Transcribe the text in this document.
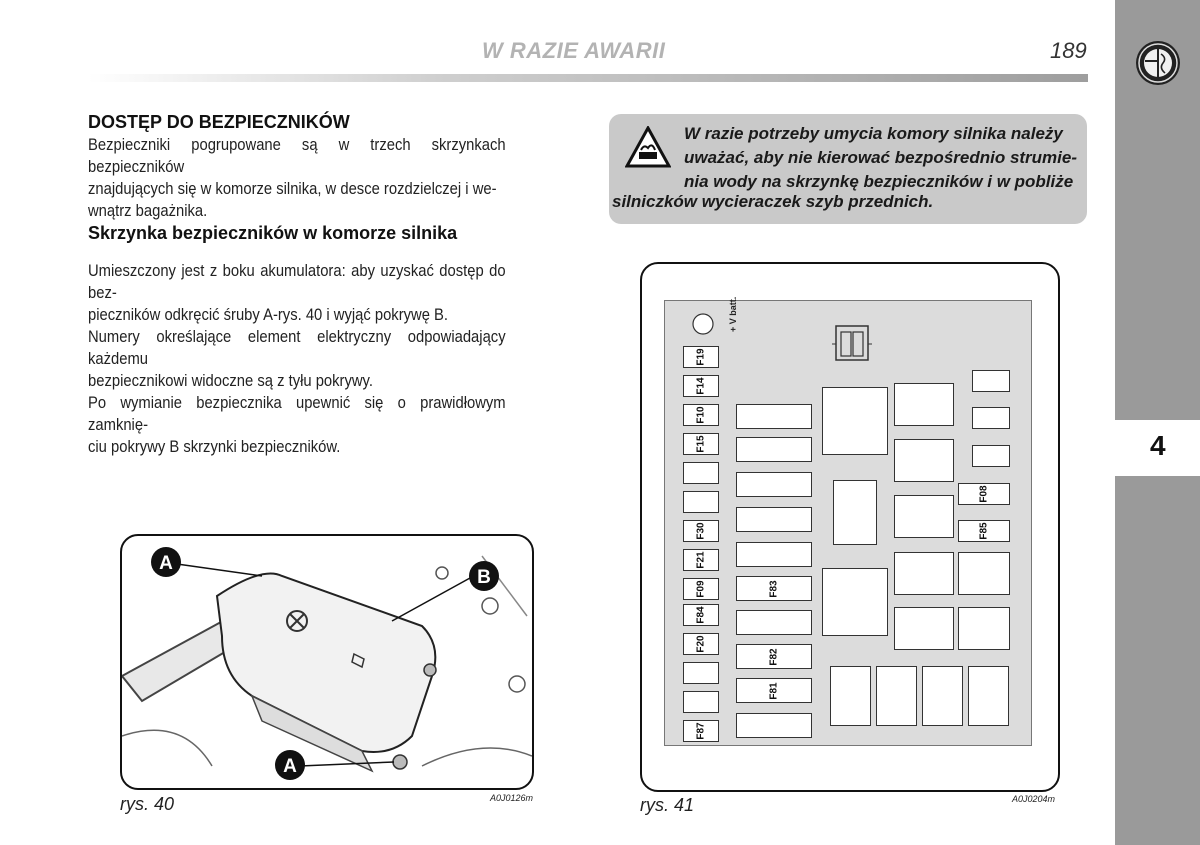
W RAZIE AWARII	189
4
DOSTĘP DO BEZPIECZNIKÓW
Bezpieczniki pogrupowane są w trzech skrzynkach bezpieczników
znajdujących się w komorze silnika, w desce rozdzielczej i we-
wnątrz bagażnika.
Skrzynka bezpieczników w komorze silnika
Umieszczony jest z boku akumulatora: aby uzyskać dostęp do bez-
pieczników odkręcić śruby A-rys. 40 i wyjąć pokrywę B.
Numery określające element elektryczny odpowiadający każdemu
bezpiecznikowi widoczne są z tyłu pokrywy.
Po wymianie bezpiecznika upewnić się o prawidłowym zamknię-
ciu pokrywy B skrzynki bezpieczników.
W razie potrzeby umycia komory silnika należy
uważać, aby nie kierować bezpośrednio strumie-
nia wody na skrzynkę bezpieczników i w pobliże
silniczków wycieraczek szyb przednich.
A
B
A
rys. 40	A0J0126m
+ V batt.
F19
F14
F10
F15
F30
F21
F09
F84
F20
F87
F83
F82
F81
F08
F85
rys. 41	A0J0204m
